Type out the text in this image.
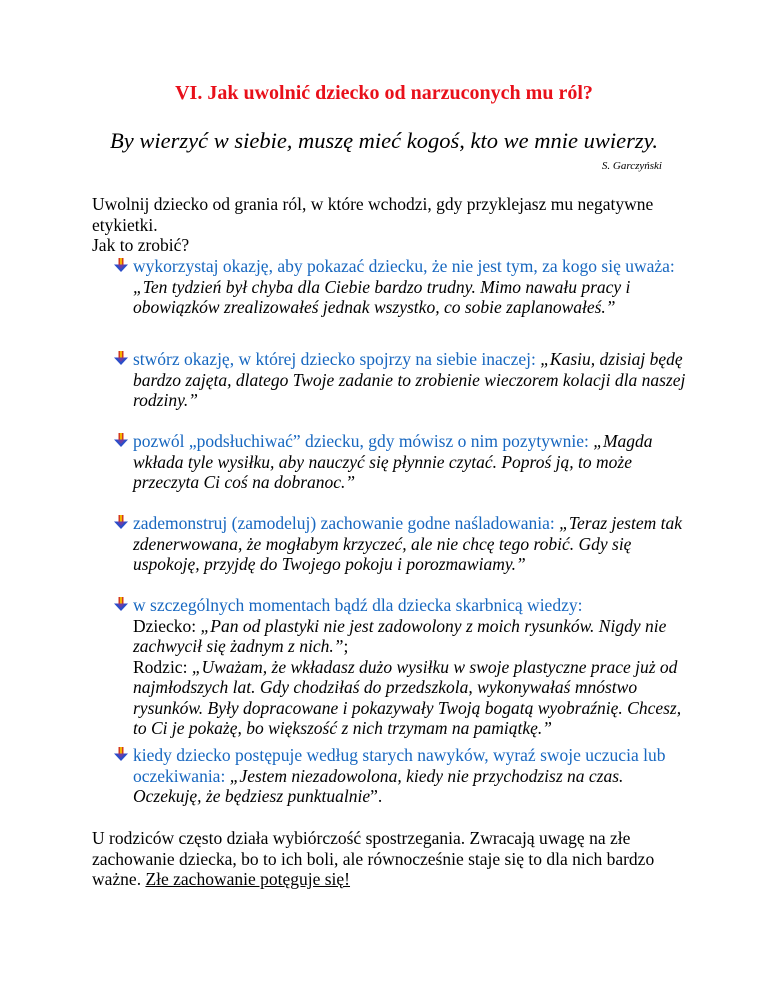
VI. Jak uwolnić dziecko od narzuconych mu ról?
By wierzyć w siebie, muszę mieć kogoś, kto we mnie uwierzy.
S. Garczyński
Uwolnij dziecko od grania ról, w które wchodzi, gdy przyklejasz mu negatywne etykietki.
Jak to zrobić?
wykorzystaj okazję, aby pokazać dziecku, że nie jest tym, za kogo się uważa: „Ten tydzień był chyba dla Ciebie bardzo trudny. Mimo nawału pracy i obowiązków zrealizowałeś jednak wszystko, co sobie zaplanowałeś.”
stwórz okazję, w której dziecko spojrzy na siebie inaczej: „Kasiu, dzisiaj będę bardzo zajęta, dlatego Twoje zadanie to zrobienie wieczorem kolacji dla naszej rodziny.”
pozwól „podsłuchiwać” dziecku, gdy mówisz o nim pozytywnie: „Magda wkłada tyle wysiłku, aby nauczyć się płynnie czytać. Poproś ją, to może przeczyta Ci coś na dobranoc.”
zademonstruj (zamodeluj) zachowanie godne naśladowania: „Teraz jestem tak zdenerwowana, że mogłabym krzyczeć, ale nie chcę tego robić. Gdy się uspokoję, przyjdę do Twojego pokoju i porozmawiamy.”
w szczególnych momentach bądź dla dziecka skarbnicą wiedzy:
Dziecko: „Pan od plastyki nie jest zadowolony z moich rysunków. Nigdy nie zachwycił się żadnym z nich.”;
Rodzic: „Uważam, że wkładasz dużo wysiłku w swoje plastyczne prace już od najmłodszych lat. Gdy chodziłaś do przedszkola, wykonywałaś mnóstwo rysunków. Były dopracowane i pokazywały Twoją bogatą wyobraźnię. Chcesz, to Ci je pokażę, bo większość z nich trzymam na pamiątkę.”
kiedy dziecko postępuje według starych nawyków, wyraź swoje uczucia lub oczekiwania: „Jestem niezadowolona, kiedy nie przychodzisz na czas. Oczekuję, że będziesz punktualnie”.
U rodziców często działa wybiórczość spostrzegania. Zwracają uwagę na złe zachowanie dziecka, bo to ich boli, ale równocześnie staje się to dla nich bardzo ważne. Złe zachowanie potęguje się!
